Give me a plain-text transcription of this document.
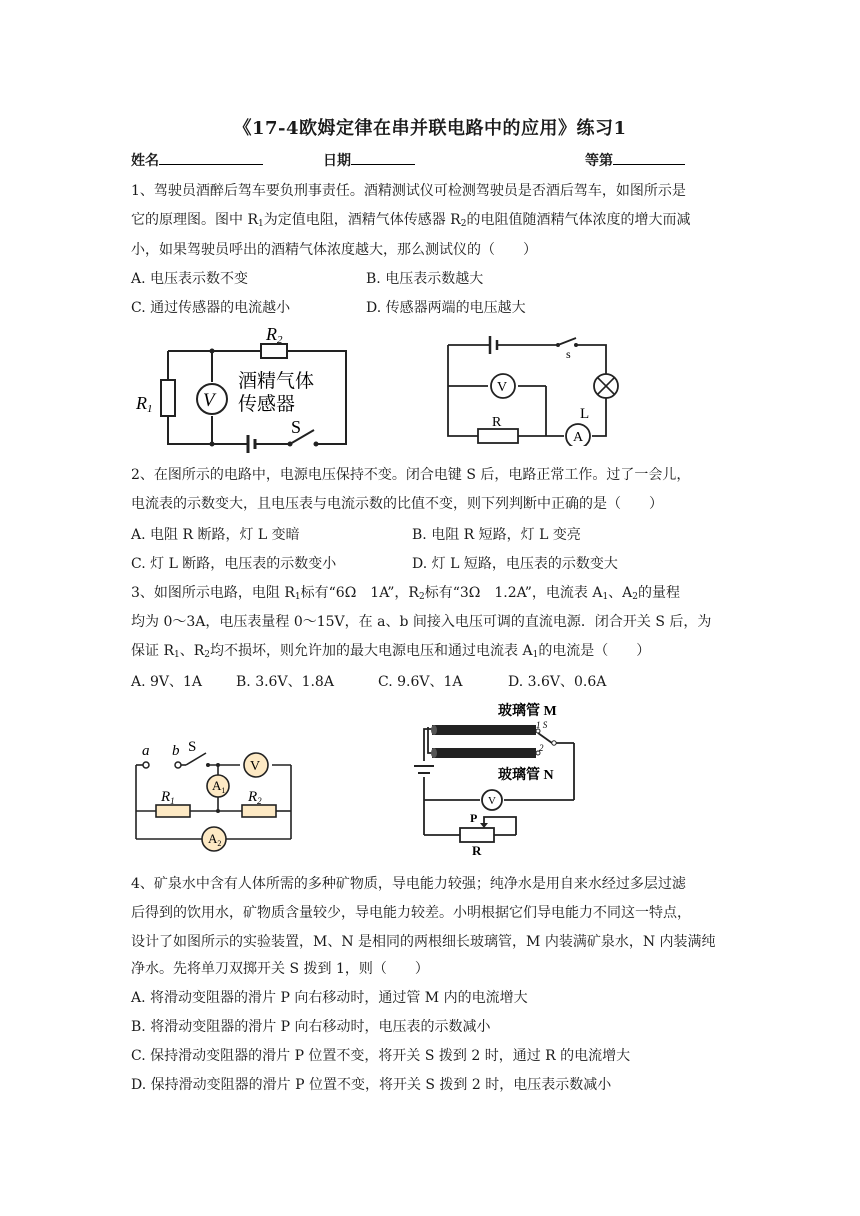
《17-4欧姆定律在串并联电路中的应用》练习1
姓名	日期	等第
1、驾驶员酒醉后驾车要负刑事责任。酒精测试仪可检测驾驶员是否酒后驾车，如图所示是
它的原理图。图中 $R_1$为定值电阻，酒精气体传感器 $R_2$的电阻值随酒精气体浓度的增大而减
小，如果驾驶员呼出的酒精气体浓度越大，那么测试仪的（　　）
A. 电压表示数不变	B. 电压表示数越大
C. 通过传感器的电流越小	D. 传感器两端的电压越大
V
R2
R1
酒精气体
传感器
S
V
A
L
R
s
2、在图所示的电路中，电源电压保持不变。闭合电键 S 后，电路正常工作。过了一会儿，
电流表的示数变大，且电压表与电流示数的比值不变，则下列判断中正确的是（　　）
A. 电阻 R 断路，灯 L 变暗	B. 电阻 R 短路，灯 L 变亮
C. 灯 L 断路，电压表的示数变小	D. 灯 L 短路，电压表的示数变大
3、如图所示电路，电阻 $R_1$标有“6Ω　1A”，$R_2$标有“3Ω　1.2A”，电流表 $A_1$、$A_2$的量程
均为 0～3A，电压表量程 0～15V，在 a、b 间接入电压可调的直流电源．闭合开关 S 后，为
保证 $R_1$、$R_2$均不损坏，则允许加的最大电源电压和通过电流表 $A_1$的电流是（　　）
A. 9V、1A B. 3.6V、1.8A	C. 9.6V、1A	D. 3.6V、0.6A
a b S
V
$A_1$
$A_2$
$R_1$	$R_2$
玻璃管 M
玻璃管 N
1 S
2
V
P
R
4、矿泉水中含有人体所需的多种矿物质，导电能力较强；纯净水是用自来水经过多层过滤
后得到的饮用水，矿物质含量较少，导电能力较差。小明根据它们导电能力不同这一特点，
设计了如图所示的实验装置，M、N 是相同的两根细长玻璃管，M 内装满矿泉水，N 内装满纯
净水。先将单刀双掷开关 S 拨到 1，则（　　）
A. 将滑动变阻器的滑片 P 向右移动时，通过管 M 内的电流增大
B. 将滑动变阻器的滑片 P 向右移动时，电压表的示数减小
C. 保持滑动变阻器的滑片 P 位置不变，将开关 S 拨到 2 时，通过 R 的电流增大
D. 保持滑动变阻器的滑片 P 位置不变，将开关 S 拨到 2 时，电压表示数减小
